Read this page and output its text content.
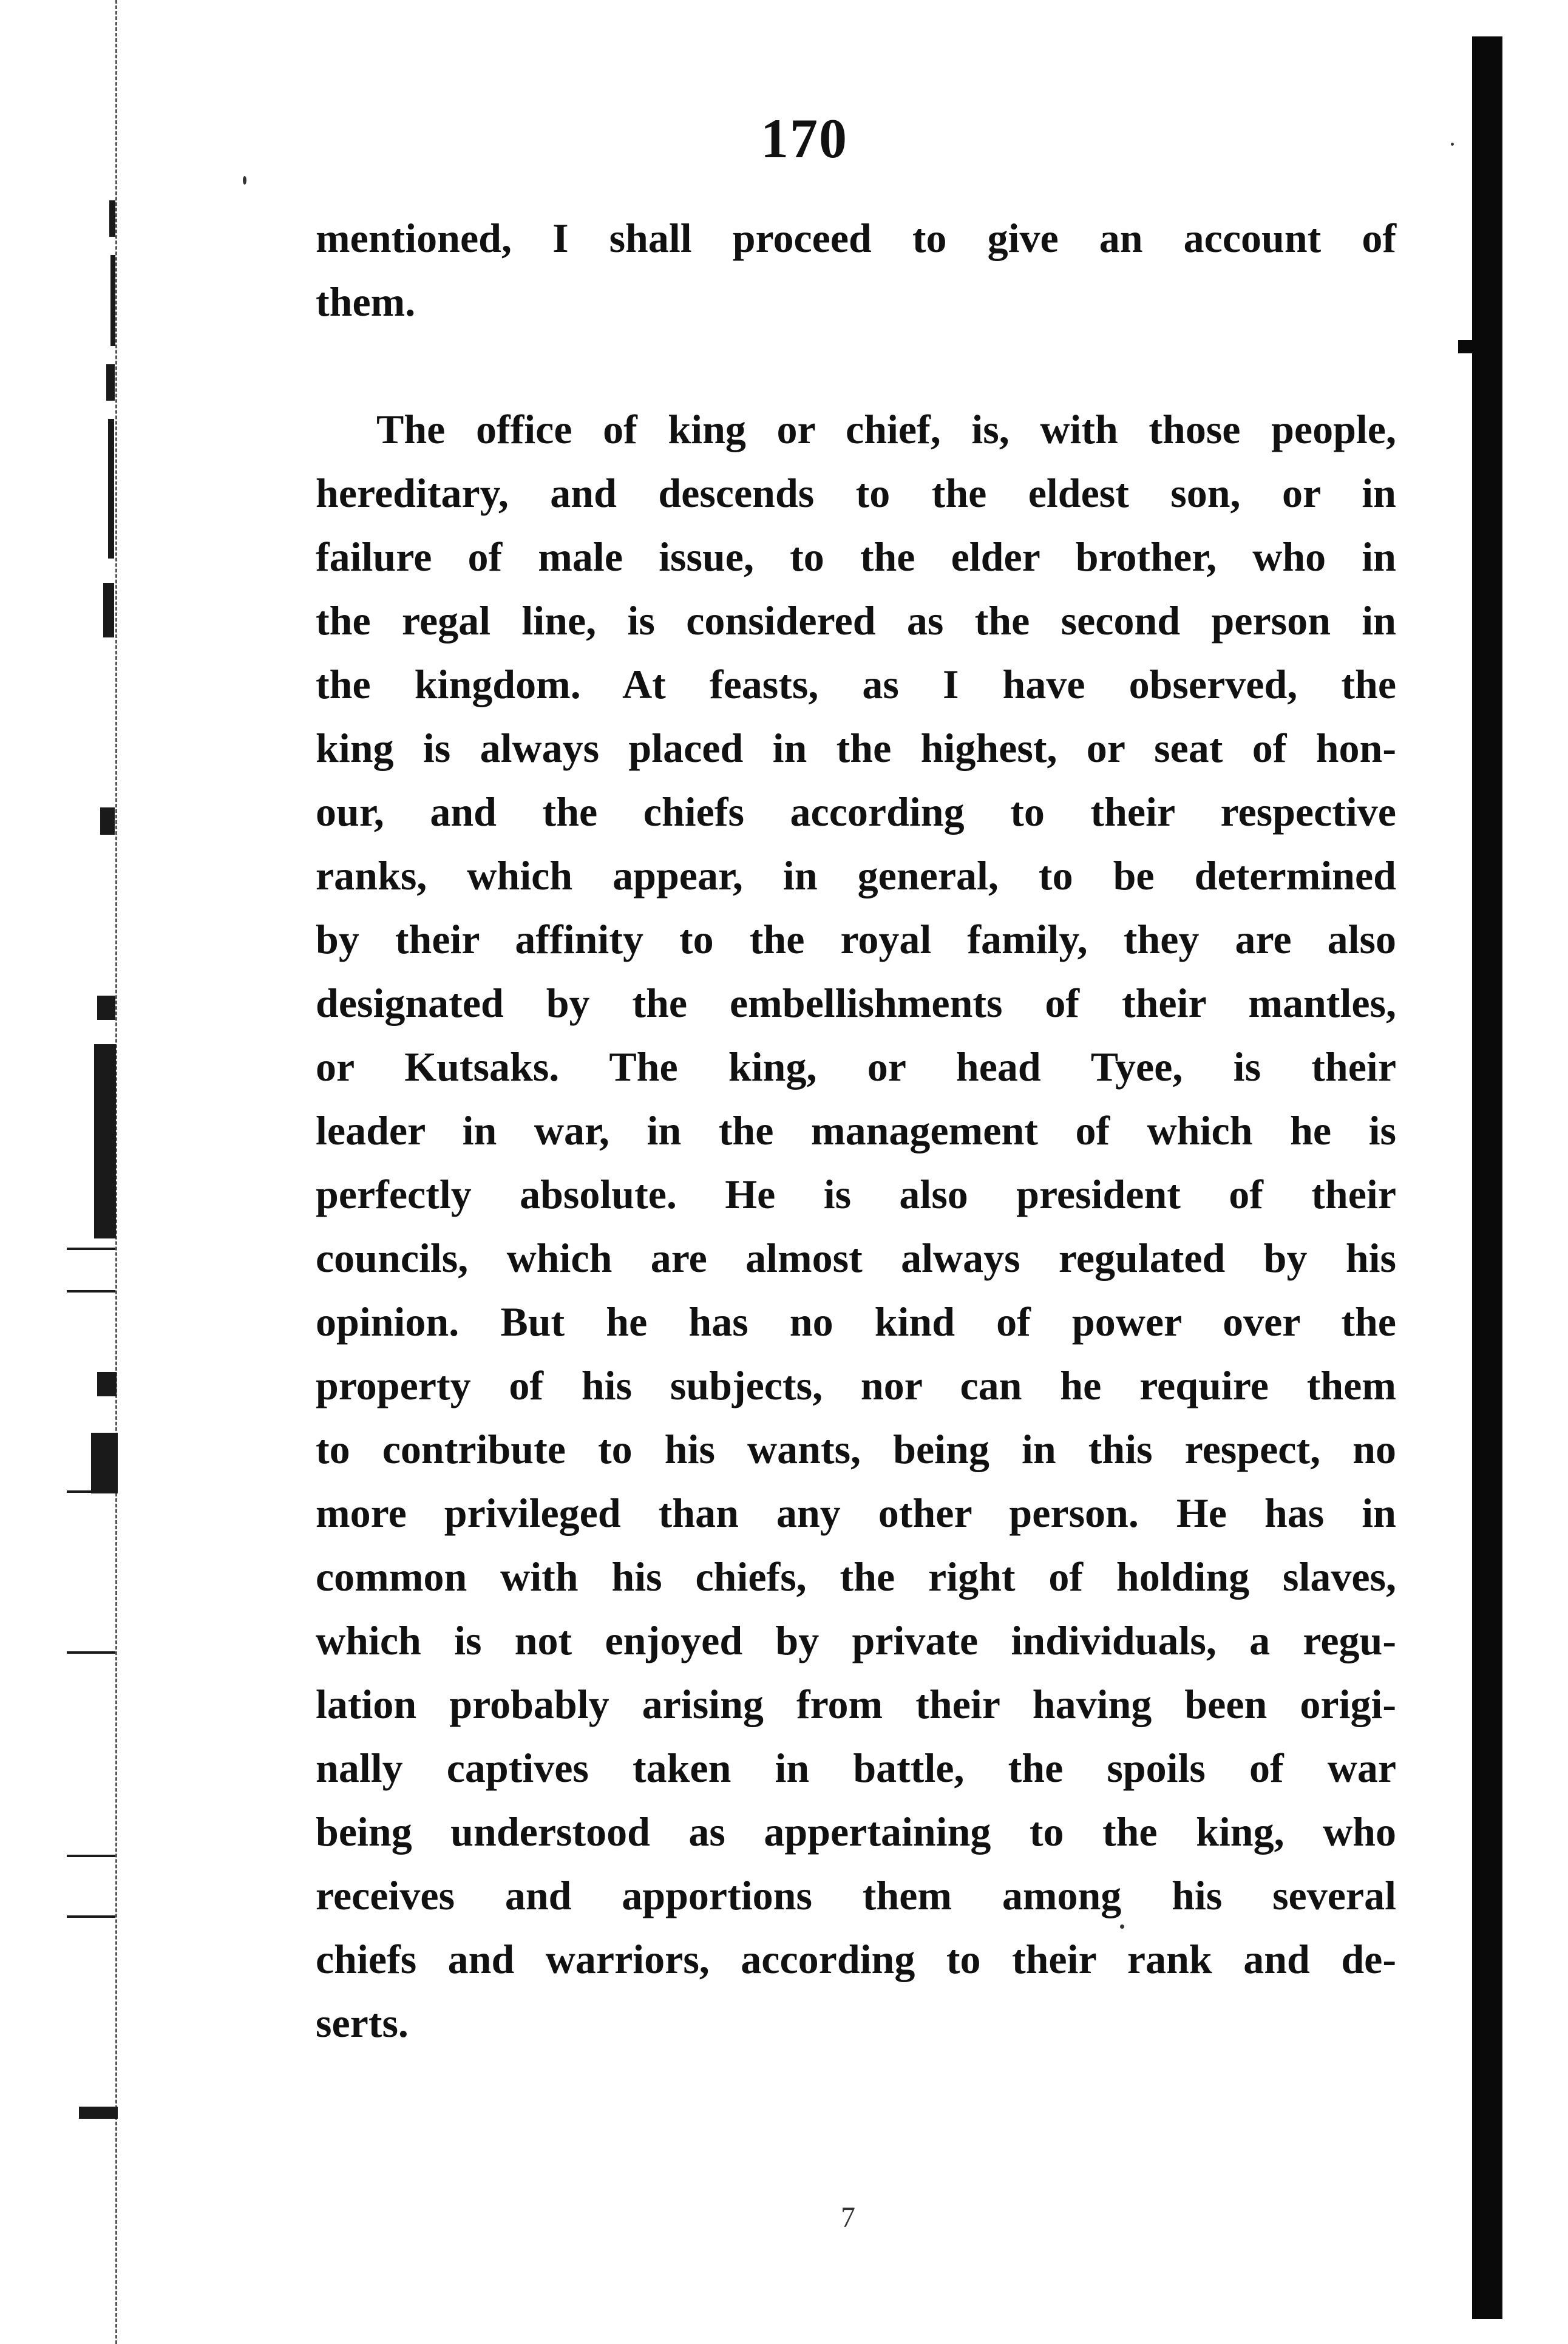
170
mentioned, I shall proceed to give an account of
them.
The office of king or chief, is, with those people,
hereditary, and descends to the eldest son, or in
failure of male issue, to the elder brother, who in
the regal line, is considered as the second person in
the kingdom. At feasts, as I have observed, the
king is always placed in the highest, or seat of hon-
our, and the chiefs according to their respective
ranks, which appear, in general, to be determined
by their affinity to the royal family, they are also
designated by the embellishments of their mantles,
or Kutsaks. The king, or head Tyee, is their
leader in war, in the management of which he is
perfectly absolute. He is also president of their
councils, which are almost always regulated by his
opinion. But he has no kind of power over the
property of his subjects, nor can he require them
to contribute to his wants, being in this respect, no
more privileged than any other person. He has in
common with his chiefs, the right of holding slaves,
which is not enjoyed by private individuals, a regu-
lation probably arising from their having been origi-
nally captives taken in battle, the spoils of war
being understood as appertaining to the king, who
receives and apportions them among his several
chiefs and warriors, according to their rank and de-
serts.
7
